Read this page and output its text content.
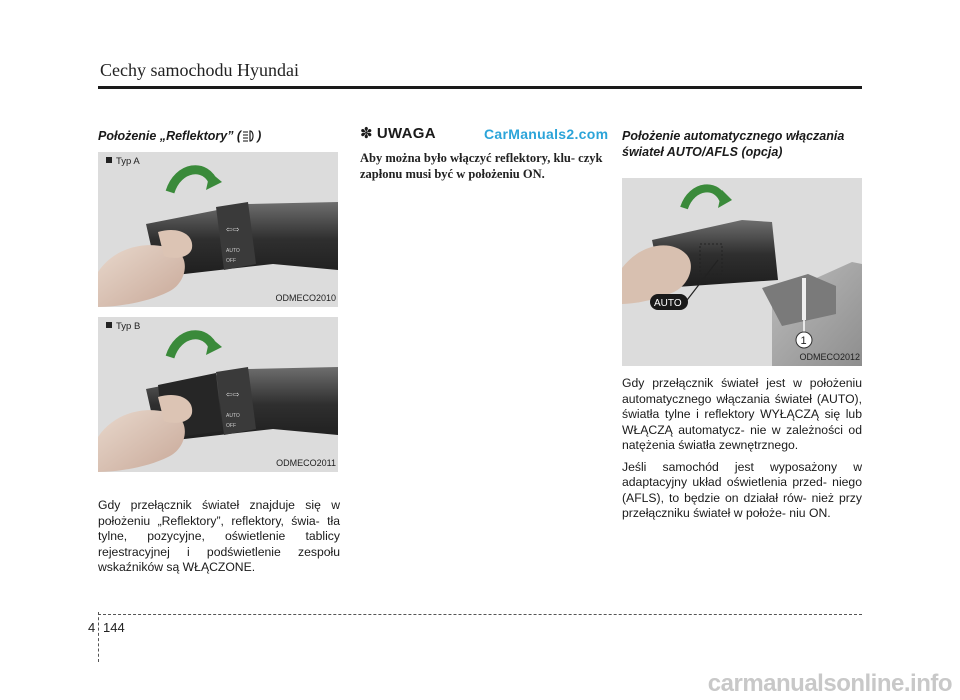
Cechy samochodu Hyundai
Położenie „Reflektory” ( )
Typ A
⇦⇨
AUTO
OFF
ODMECO2010
Typ B
⇦⇨
AUTO
OFF
ODMECO2011

Gdy przełącznik świateł znajduje się w położeniu „Reflektory”, reflektory, świa- tła tylne, pozycyjne, oświetlenie tablicy rejestracyjnej i podświetlenie zespołu wskaźników są WŁĄCZONE.

✽ UWAGA	CarManuals2.com
Aby można było włączyć reflektory, klu- czyk zapłonu musi być w położeniu ON.
Położenie automatycznego włączania świateł AUTO/AFLS (opcja)
1
AUTO
ODMECO2012

Gdy przełącznik świateł jest w położeniu automatycznego włączania świateł (AUTO), światła tylne i reflektory WYŁĄCZĄ się lub WŁĄCZĄ automatycz- nie w zależności od natężenia światła zewnętrznego.

Jeśli samochód jest wyposażony w adaptacyjny układ oświetlenia przed- niego (AFLS), to będzie on działał rów- nież przy przełączniku świateł w położe- niu ON.

4 144
carmanualsonline.info
